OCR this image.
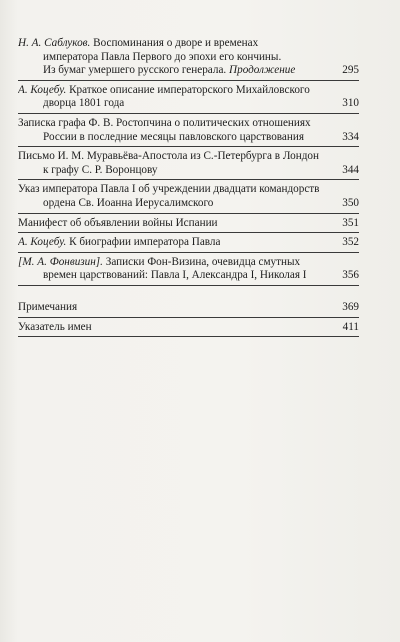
Н. А. Саблуков. Воспоминания о дворе и временах
императора Павла Первого до эпохи его кончины.
Из бумаг умершего русского генерала. Продолжение	295
А. Коцебу. Краткое описание императорского Михайловского
дворца 1801 года	310
Записка графа Ф. В. Ростопчина о политических отношениях
России в последние месяцы павловского царствования	334
Письмо И. М. Муравьёва-Апостола из С.-Петербурга в Лондон
к графу С. Р. Воронцову	344
Указ императора Павла I об учреждении двадцати командорств
ордена Св. Иоанна Иерусалимского	350
Манифест об объявлении войны Испании	351
А. Коцебу. К биографии императора Павла	352
[М. А. Фонвизин]. Записки Фон-Визина, очевидца смутных
времен царствований: Павла I, Александра I, Николая I	356
Примечания	369
Указатель имен	411
